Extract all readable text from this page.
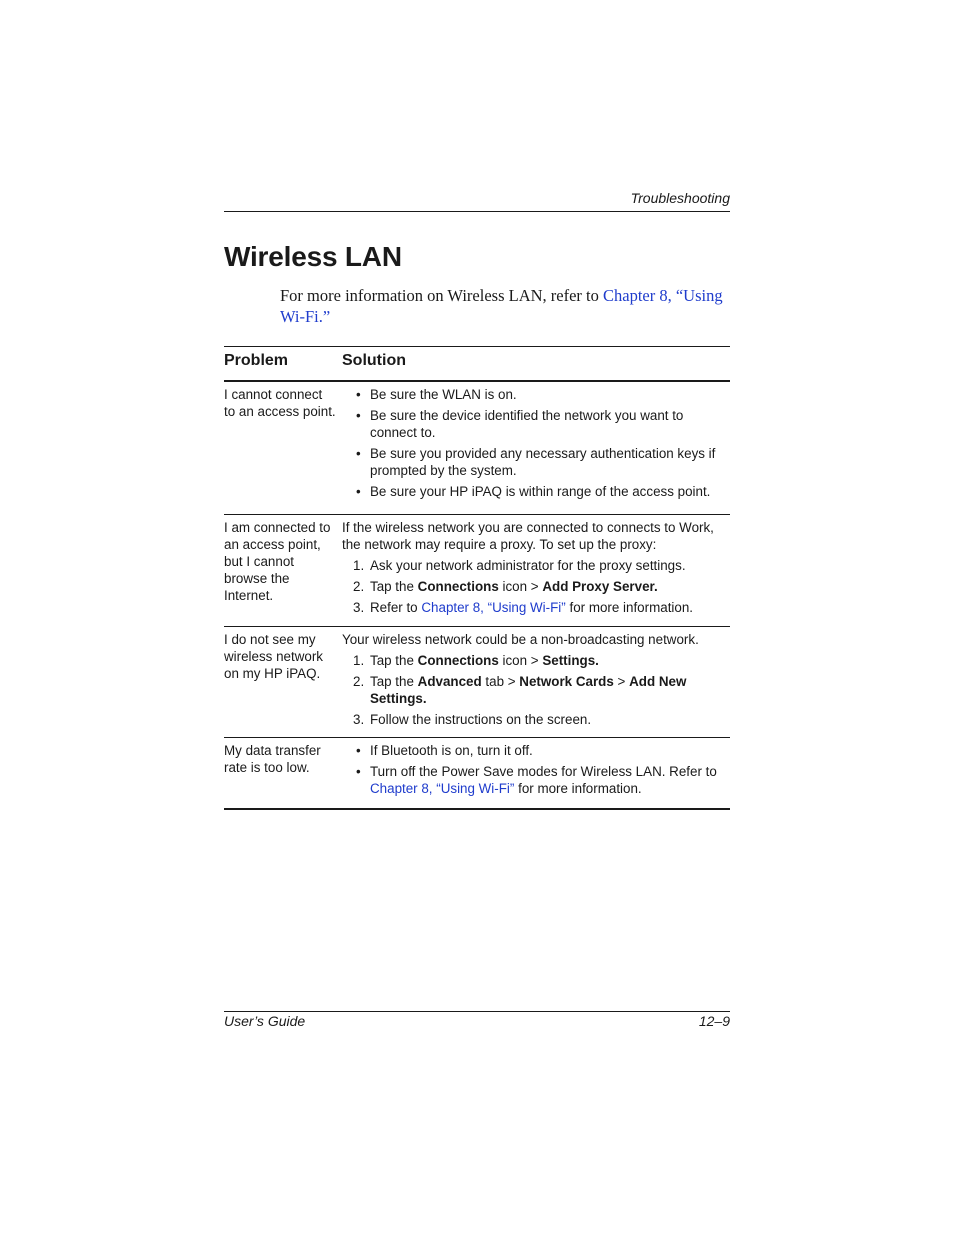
Troubleshooting
Wireless LAN
For more information on Wireless LAN, refer to Chapter 8, “Using Wi-Fi.”
Problem	Solution
I cannot connect to an access point.
• Be sure the WLAN is on.
• Be sure the device identified the network you want to connect to.
• Be sure you provided any necessary authentication keys if prompted by the system.
• Be sure your HP iPAQ is within range of the access point.
I am connected to an access point, but I cannot browse the Internet.

If the wireless network you are connected to connects to Work, the network may require a proxy. To set up the proxy:

1. Ask your network administrator for the proxy settings.
2. Tap the Connections icon > Add Proxy Server.
3. Refer to Chapter 8, “Using Wi-Fi” for more information.
I do not see my wireless network on my HP iPAQ.

Your wireless network could be a non-broadcasting network.

1. Tap the Connections icon > Settings.
2. Tap the Advanced tab > Network Cards > Add New Settings.
3. Follow the instructions on the screen.
My data transfer rate is too low.
• If Bluetooth is on, turn it off.
• Turn off the Power Save modes for Wireless LAN. Refer to Chapter 8, “Using Wi-Fi” for more information.
User’s Guide	12–9
